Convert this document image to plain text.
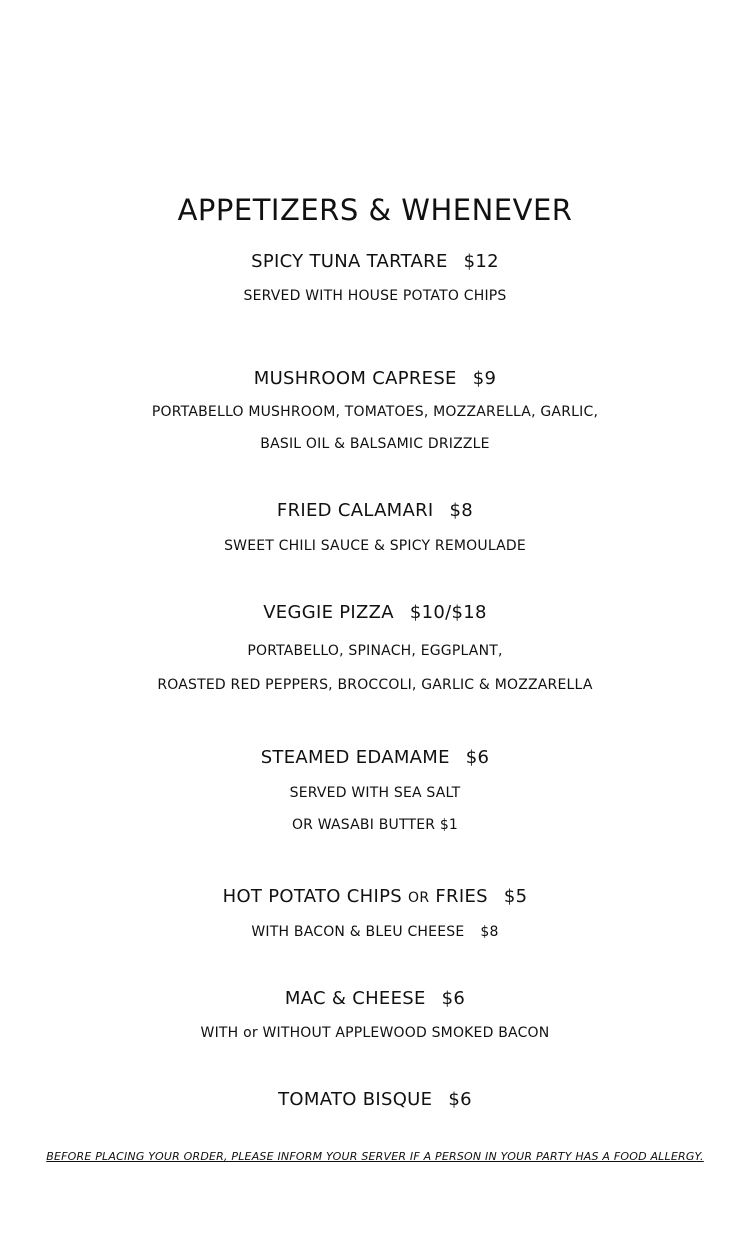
APPETIZERS & WHENEVER
SPICY TUNA TARTARE $12
SERVED WITH HOUSE POTATO CHIPS
MUSHROOM CAPRESE $9
PORTABELLO MUSHROOM, TOMATOES, MOZZARELLA, GARLIC,
BASIL OIL & BALSAMIC DRIZZLE
FRIED CALAMARI $8
SWEET CHILI SAUCE & SPICY REMOULADE
VEGGIE PIZZA $10/$18
PORTABELLO, SPINACH, EGGPLANT,
ROASTED RED PEPPERS, BROCCOLI, GARLIC & MOZZARELLA
STEAMED EDAMAME $6
SERVED WITH SEA SALT
OR WASABI BUTTER $1
HOT POTATO CHIPS OR FRIES $5
WITH BACON & BLEU CHEESE $8
MAC & CHEESE $6
WITH or WITHOUT APPLEWOOD SMOKED BACON
TOMATO BISQUE $6
BEFORE PLACING YOUR ORDER, PLEASE INFORM YOUR SERVER IF A PERSON IN YOUR PARTY HAS A FOOD ALLERGY.
